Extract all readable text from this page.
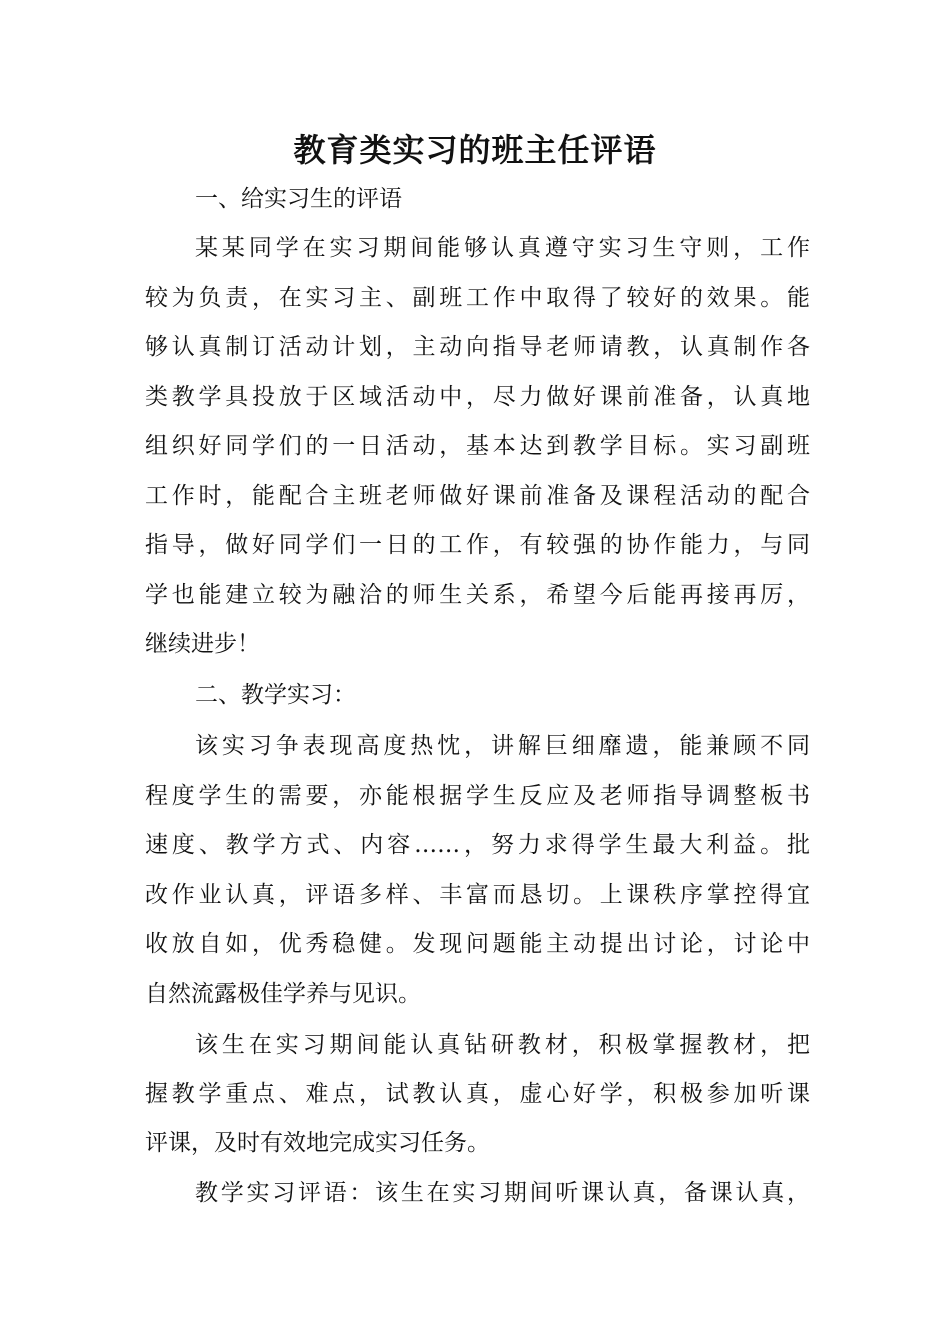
教育类实习的班主任评语

一、给实习生的评语

某某同学在实习期间能够认真遵守实习生守则，工作

较为负责，在实习主、副班工作中取得了较好的效果。能

够认真制订活动计划，主动向指导老师请教，认真制作各

类教学具投放于区域活动中，尽力做好课前准备，认真地

组织好同学们的一日活动，基本达到教学目标。实习副班

工作时，能配合主班老师做好课前准备及课程活动的配合

指导，做好同学们一日的工作，有较强的协作能力，与同

学也能建立较为融洽的师生关系，希望今后能再接再厉，

继续进步！

二、教学实习：

该实习争表现高度热忱，讲解巨细靡遗，能兼顾不同

程度学生的需要，亦能根据学生反应及老师指导调整板书

速度、教学方式、内容……，努力求得学生最大利益。批

改作业认真，评语多样、丰富而恳切。上课秩序掌控得宜

收放自如，优秀稳健。发现问题能主动提出讨论，讨论中

自然流露极佳学养与见识。

该生在实习期间能认真钻研教材，积极掌握教材，把

握教学重点、难点，试教认真，虚心好学，积极参加听课

评课，及时有效地完成实习任务。

教学实习评语：该生在实习期间听课认真，备课认真，
